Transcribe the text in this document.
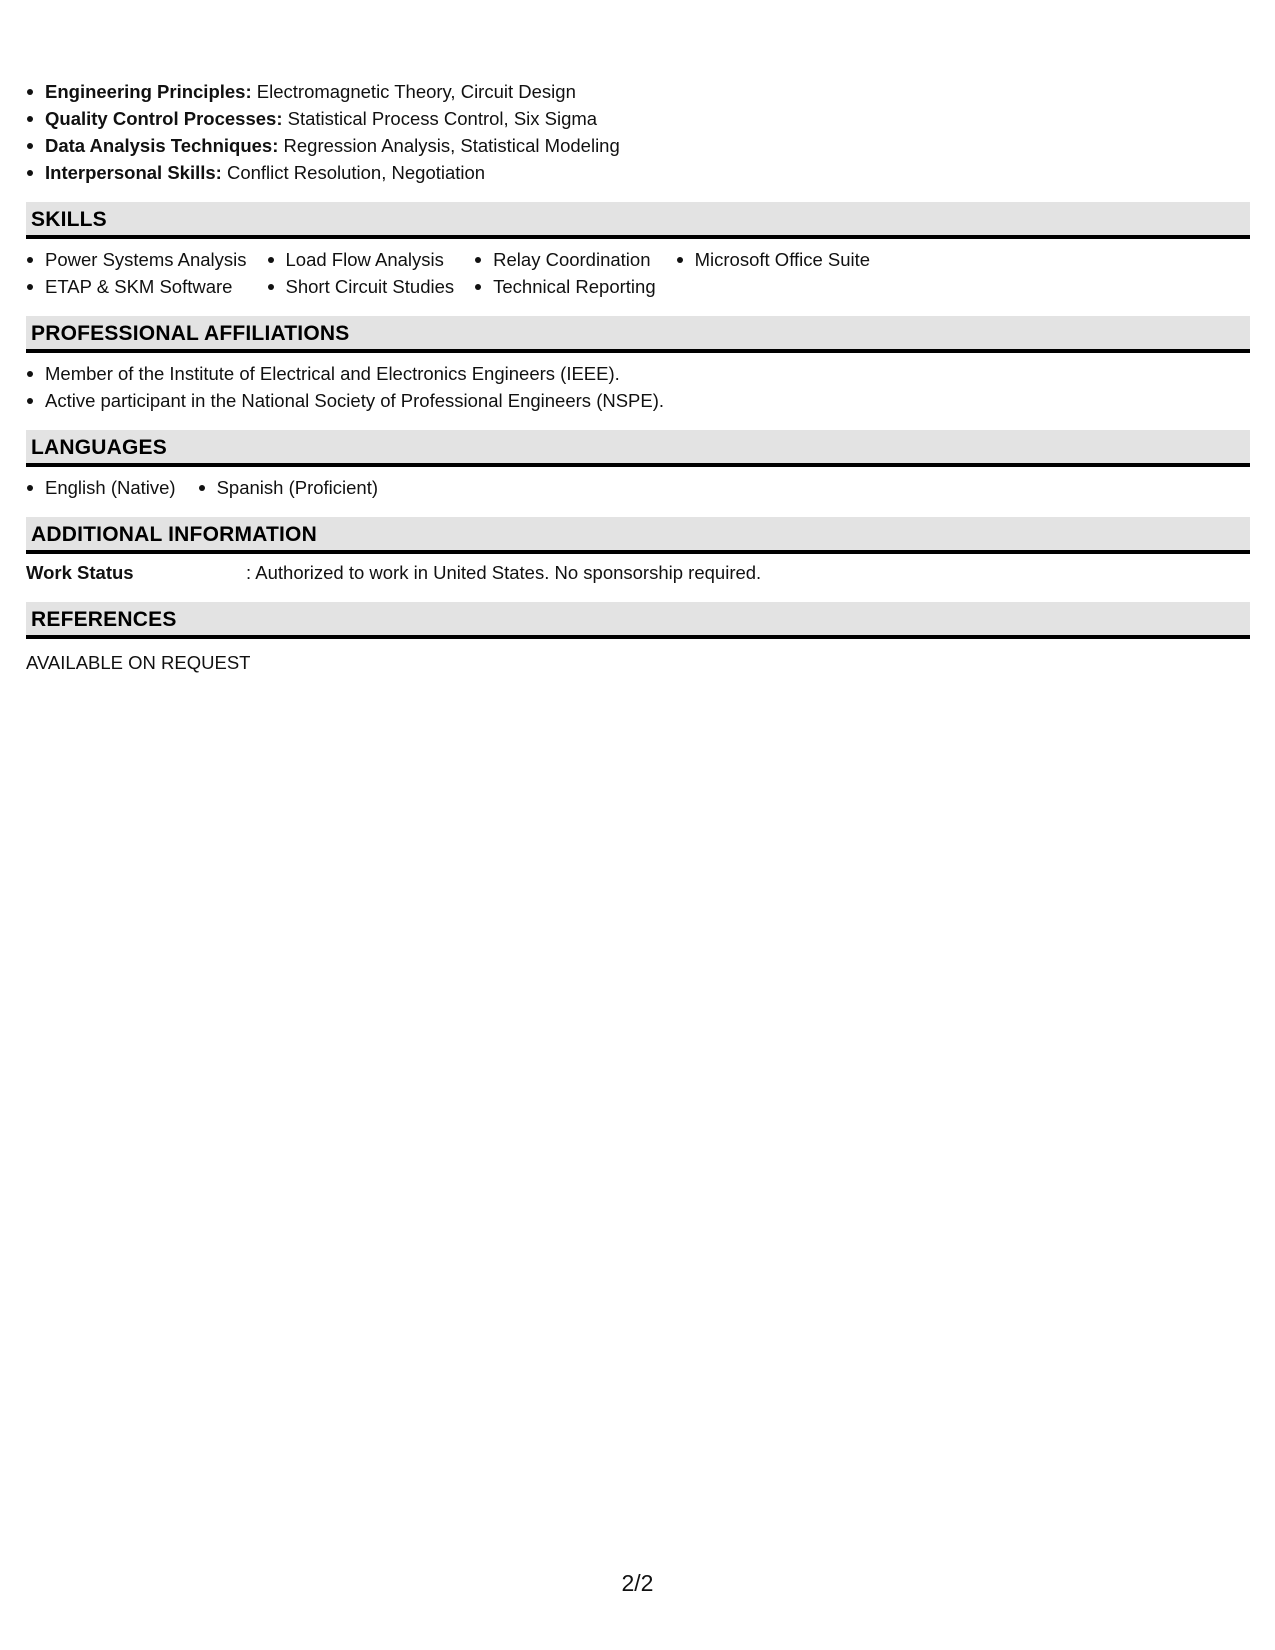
Engineering Principles: Electromagnetic Theory, Circuit Design
Quality Control Processes: Statistical Process Control, Six Sigma
Data Analysis Techniques: Regression Analysis, Statistical Modeling
Interpersonal Skills: Conflict Resolution, Negotiation
SKILLS
Power Systems Analysis
ETAP & SKM Software
Load Flow Analysis
Short Circuit Studies
Relay Coordination
Technical Reporting
Microsoft Office Suite
PROFESSIONAL AFFILIATIONS
Member of the Institute of Electrical and Electronics Engineers (IEEE).
Active participant in the National Society of Professional Engineers (NSPE).
LANGUAGES
English (Native)	Spanish (Proficient)
ADDITIONAL INFORMATION
Work Status	: Authorized to work in United States. No sponsorship required.
REFERENCES
AVAILABLE ON REQUEST
2/2
